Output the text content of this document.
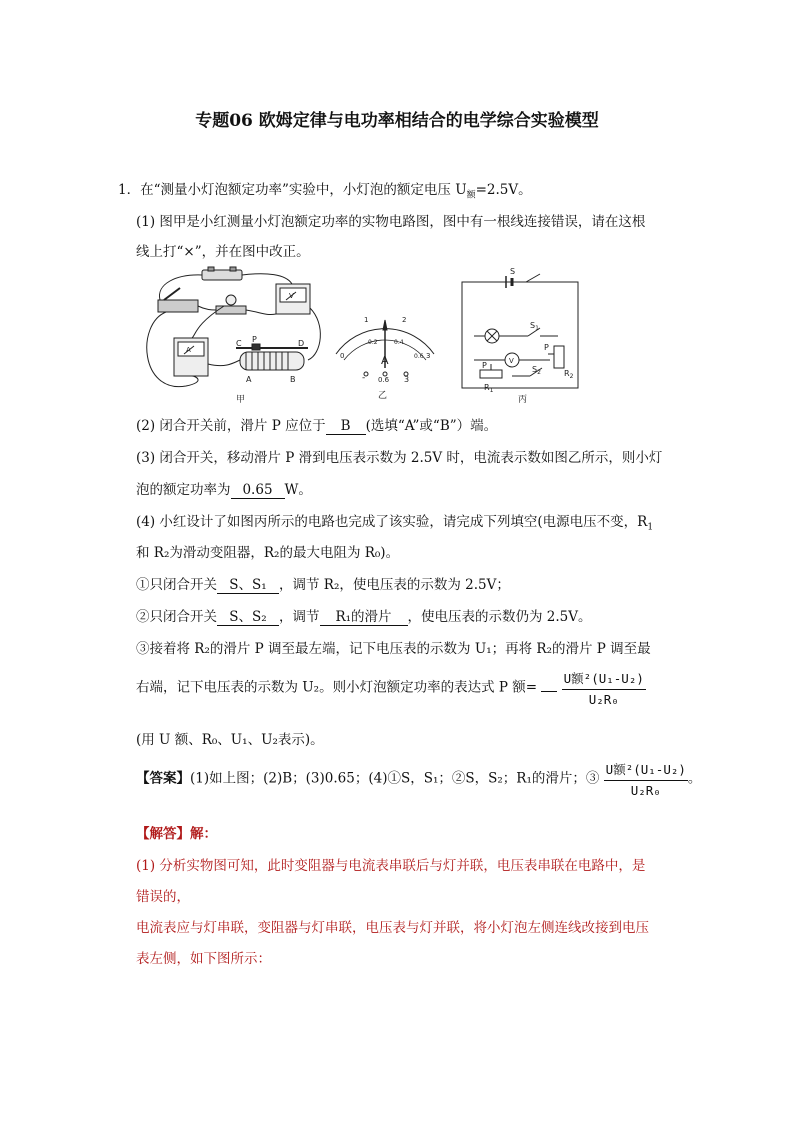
专题06 欧姆定律与电功率相结合的电学综合实验模型
1．在“测量小灯泡额定功率”实验中，小灯泡的额定电压 $U_额=2.5V$。
(1) 图甲是小红测量小灯泡额定功率的实物电路图，图中有一根线连接错误，请在这根
线上打“×”，并在图中改正。
V
A
C P	D
A	B
甲
0
1	2
3
0.2	0.4
0.6
A
- 0.6 3
乙
S
$S_1$
$S_2$
V
P
P
$R_2$
$R_1$
丙
(2) 闭合开关前，滑片 P 应位于 B (选填“A”或“B”）端。
(3) 闭合开关，移动滑片 P 滑到电压表示数为 2.5V 时，电流表示数如图乙所示，则小灯
泡的额定功率为 0.65 W。
(4) 小红设计了如图丙所示的电路也完成了该实验，请完成下列填空(电源电压不变，$R_1$
和 R₂为滑动变阻器，R₂的最大电阻为 R₀)。
①只闭合开关 S、S₁ ，调节 R₂，使电压表的示数为 2.5V；
②只闭合开关 S、S₂ ，调节 R₁的滑片 ，使电压表的示数仍为 2.5V。
③接着将 R₂的滑片 P 调至最左端，记下电压表的示数为 U₁；再将 R₂的滑片 P 调至最
右端，记下电压表的示数为 U₂。则小灯泡额定功率的表达式 P 额= $\frac{\text{U额²(U₁-U₂)}}{\text{U₂R₀}}$
(用 U 额、R₀、U₁、U₂表示)。
【答案】(1)如上图；(2)B；(3)0.65；(4)①S，S₁；②S，S₂；R₁的滑片；③ $\frac{\text{U额²(U₁-U₂)}}{\text{U₂R₀}}$ 。
【解答】解：
(1) 分析实物图可知，此时变阻器与电流表串联后与灯并联，电压表串联在电路中，是
错误的，
电流表应与灯串联，变阻器与灯串联，电压表与灯并联，将小灯泡左侧连线改接到电压
表左侧，如下图所示：
